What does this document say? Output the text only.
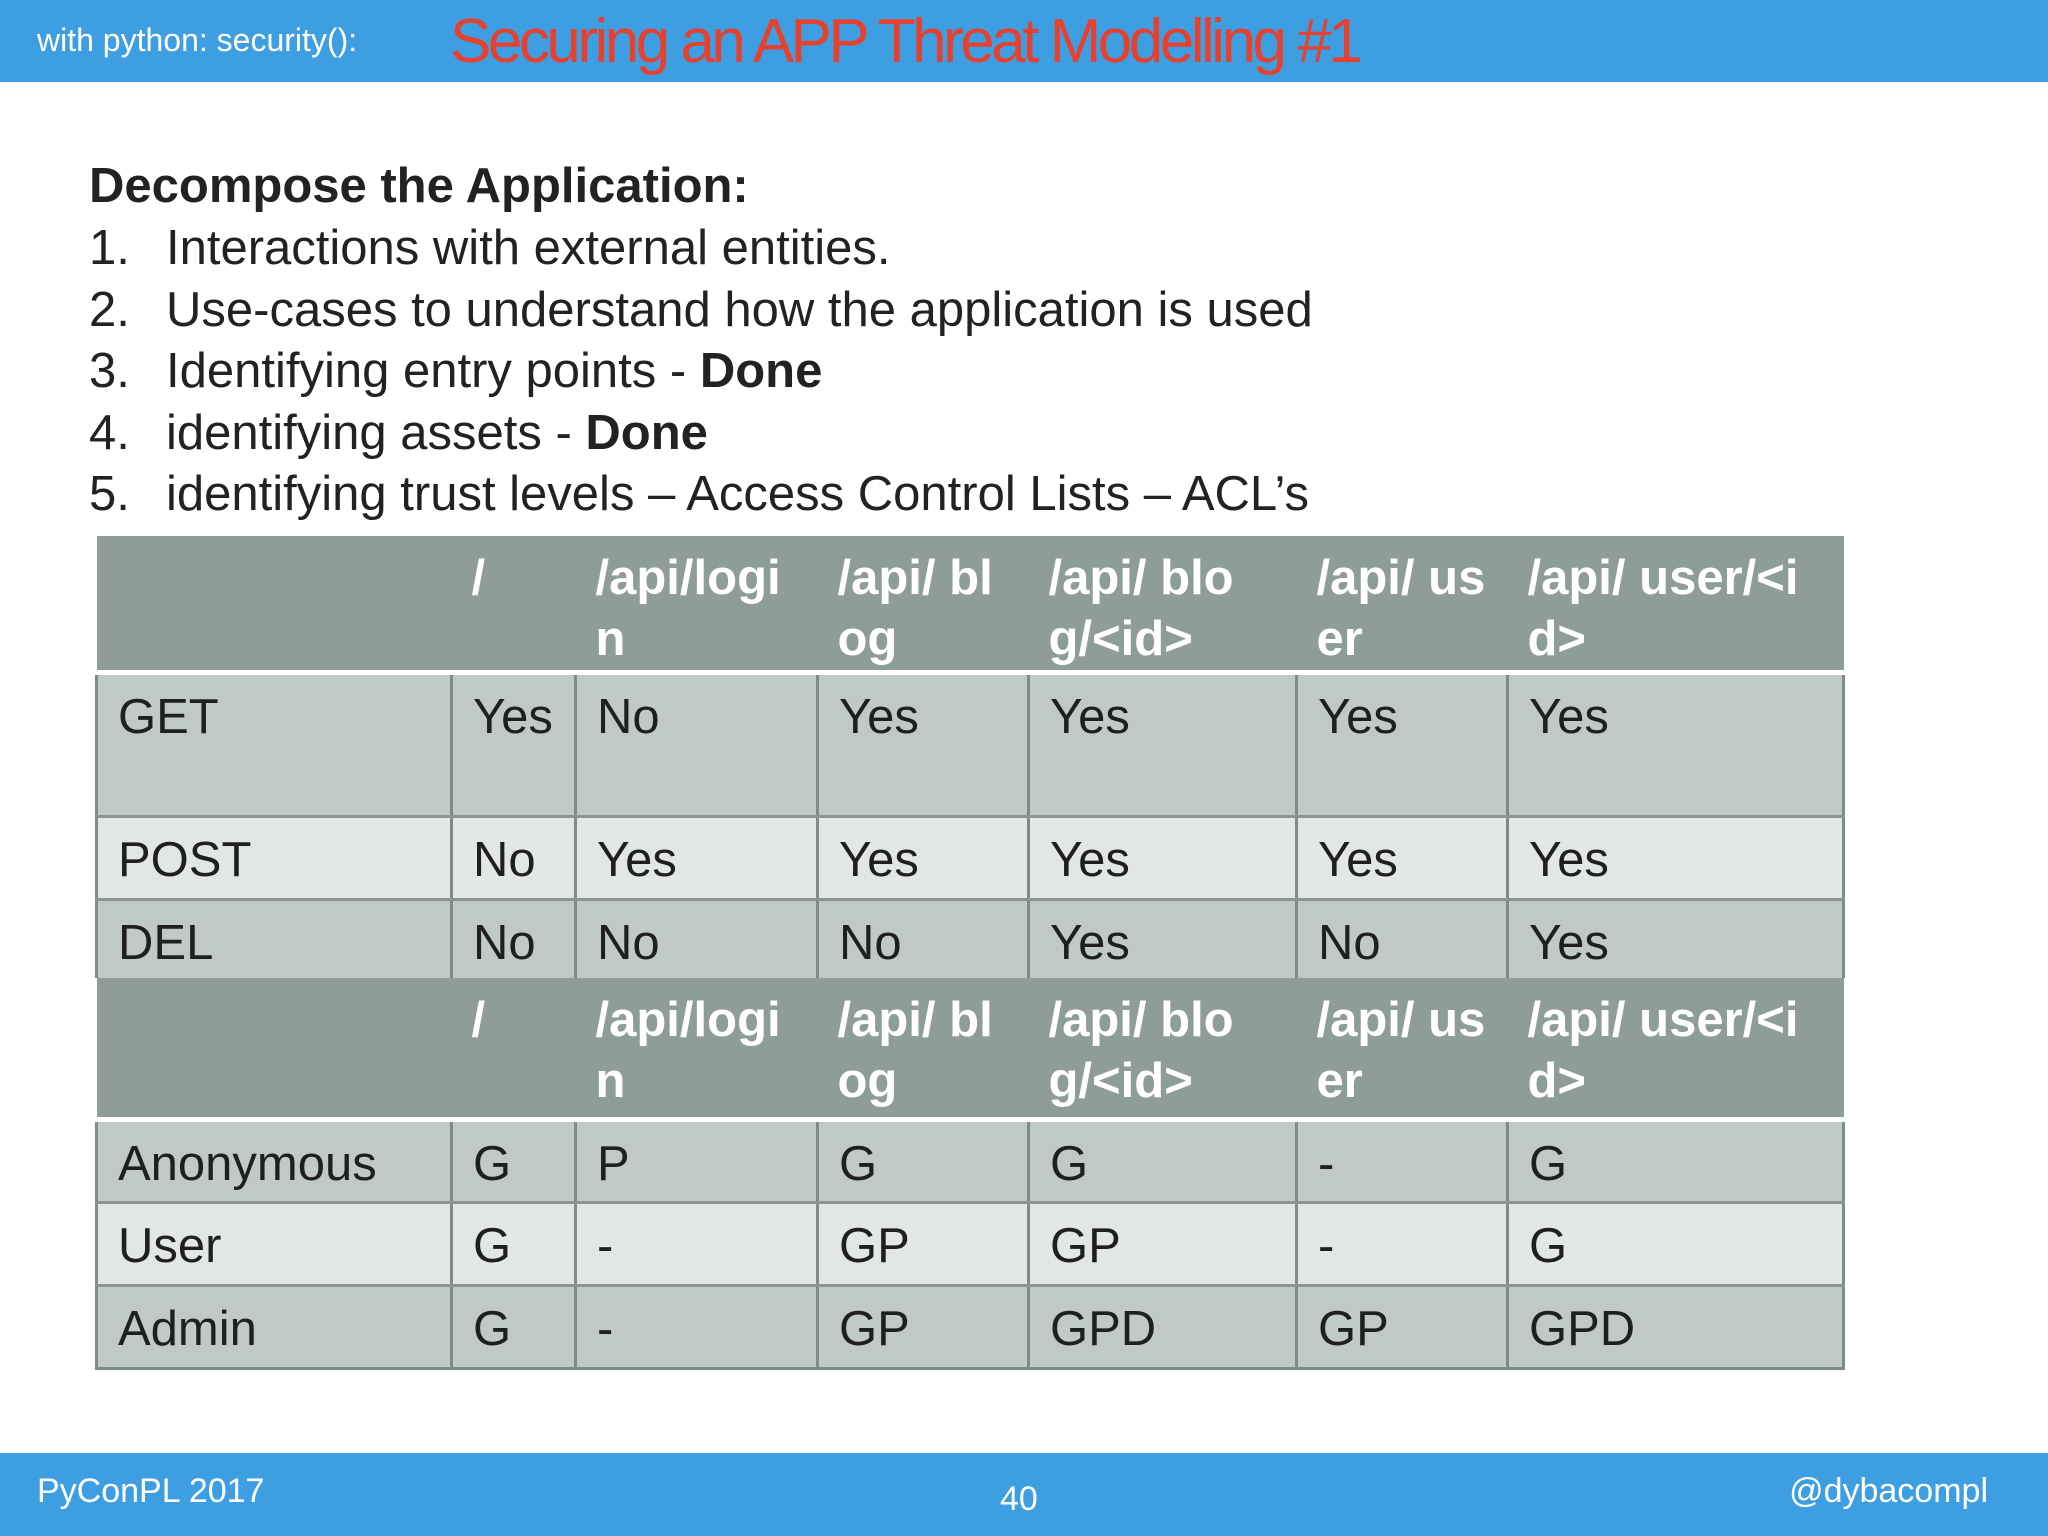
with python: security(): Securing an APP Threat Modelling #1
Decompose the Application:
1. Interactions with external entities.
2. Use-cases to understand how the application is used
3. Identifying entry points - Done
4. identifying assets - Done
5. identifying trust levels – Access Control Lists – ACL’s
	/	/api/login	/api/ blog	/api/ blog/<id>	/api/ user	/api/ user/<id>
GET	Yes	No	Yes	Yes	Yes	Yes
POST	No	Yes	Yes	Yes	Yes	Yes
DEL	No	No	No	Yes	No	Yes
	/	/api/login	/api/ blog	/api/ blog/<id>	/api/ user	/api/ user/<id>
Anonymous	G	P	G	G	-	G
User	G	-	GP	GP	-	G
Admin	G	-	GP	GPD	GP	GPD
PyConPL 2017	40	@dybacompl
